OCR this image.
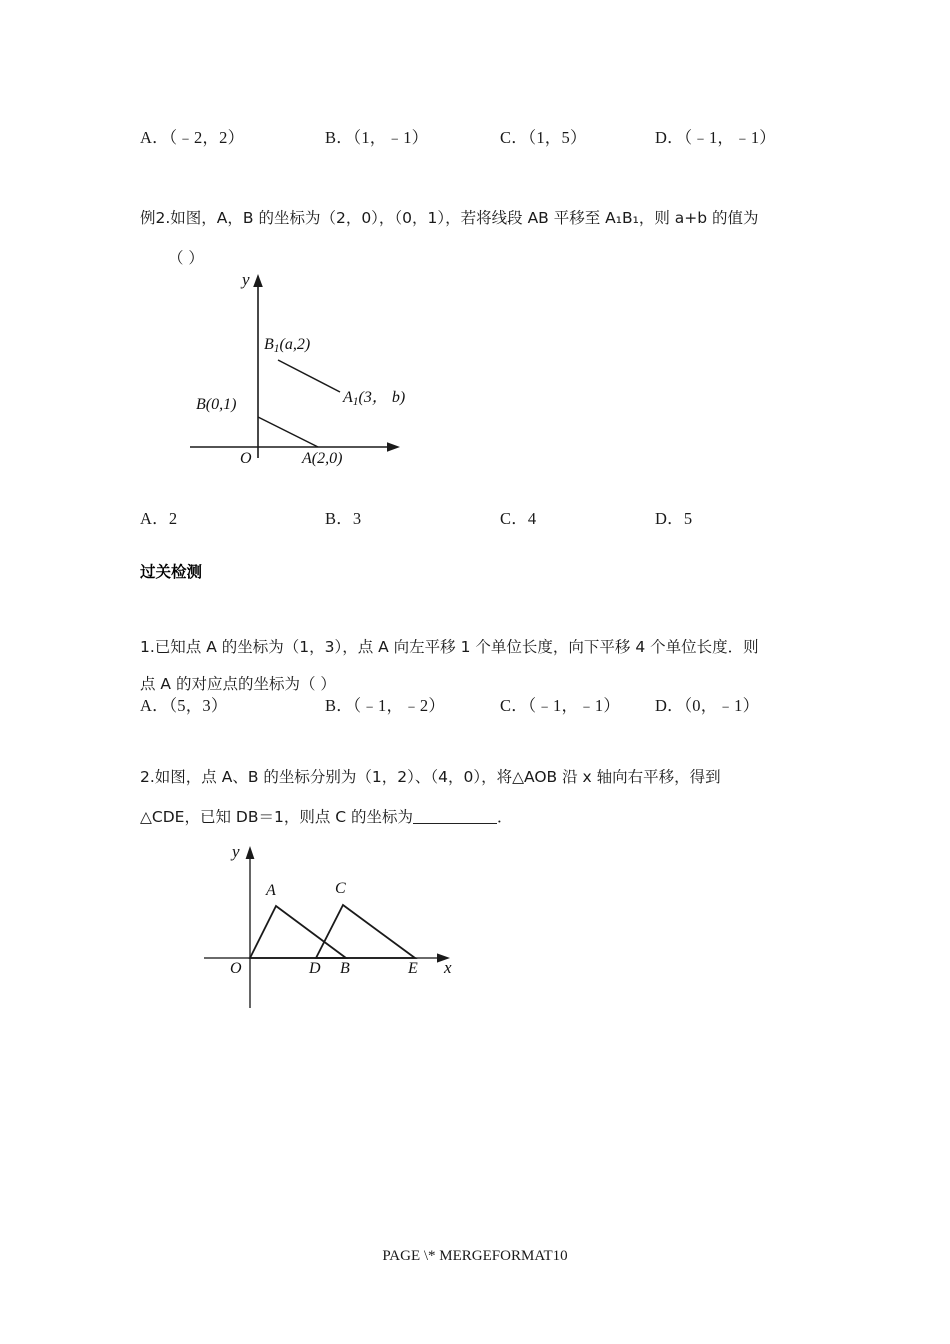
A．（﹣2，2）	B．（1，﹣1）	C．（1，5）	D．（﹣1，﹣1）
例2.如图，A，B 的坐标为（2，0），（0，1），若将线段 AB 平移至 A₁B₁，则 a+b 的值为
（ ）
y
O	A(2,0)
B(0,1)
$B_1(a,2)$
$A_1(3$， b)
A．2	B．3	C．4	D．5
过关检测
1.已知点 A 的坐标为（1，3），点 A 向左平移 1 个单位长度，向下平移 4 个单位长度．则
点 A 的对应点的坐标为（ ）
A．（5，3）	B．（﹣1，﹣2）	C．（﹣1，﹣1） D．（0，﹣1）
2.如图，点 A、B 的坐标分别为（1，2）、（4，0），将△AOB 沿 x 轴向右平移，得到
△CDE，已知 DB＝1，则点 C 的坐标为	．
y
x
O
A	C
D B	E
PAGE \* MERGEFORMAT10
